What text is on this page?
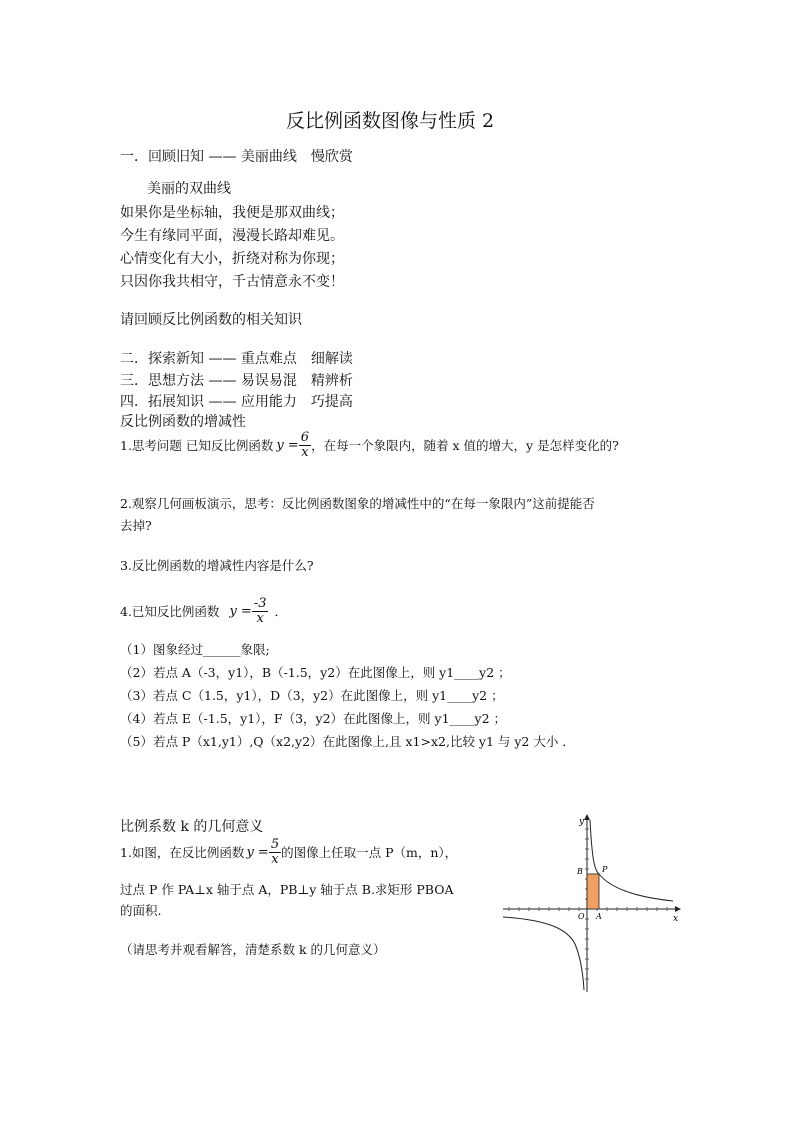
反比例函数图像与性质 2
一．回顾旧知 —— 美丽曲线　慢欣赏
美丽的双曲线
如果你是坐标轴，我便是那双曲线；
今生有缘同平面，漫漫长路却难见。
心情变化有大小，折绕对称为你现；
只因你我共相守，千古情意永不变！
请回顾反比例函数的相关知识
二．探索新知 —— 重点难点　细解读
三．思想方法 —— 易误易混　精辨析
四．拓展知识 —— 应用能力　巧提高
反比例函数的增减性
1.思考问题 已知反比例函数 $y = \frac{6}{x}$ ，在每一个象限内，随着 x 值的增大，y 是怎样变化的?
2.观察几何画板演示，思考：反比例函数图象的增减性中的“在每一象限内”这前提能否
去掉?
3.反比例函数的增减性内容是什么?
4.已知反比例函数 $y = \frac{-3}{x}$ ．
（1）图象经过______象限;
（2）若点 A（-3，y1），B（-1.5，y2）在此图像上，则 y1____y2 ；
（3）若点 C（1.5，y1），D（3，y2）在此图像上，则 y1____y2 ；
（4）若点 E（-1.5，y1），F（3，y2）在此图像上，则 y1____y2 ；
（5）若点 P（x1,y1）,Q（x2,y2）在此图像上,且 x1>x2,比较 y1 与 y2 大小 ．
比例系数 k 的几何意义
1.如图，在反比例函数 $y = \frac{5}{x}$ 的图像上任取一点 P（m，n），
过点 P 作 PA⊥x 轴于点 A，PB⊥y 轴于点 B.求矩形 PBOA
的面积.
（请思考并观看解答，清楚系数 k 的几何意义）
y
x
O A
B P
